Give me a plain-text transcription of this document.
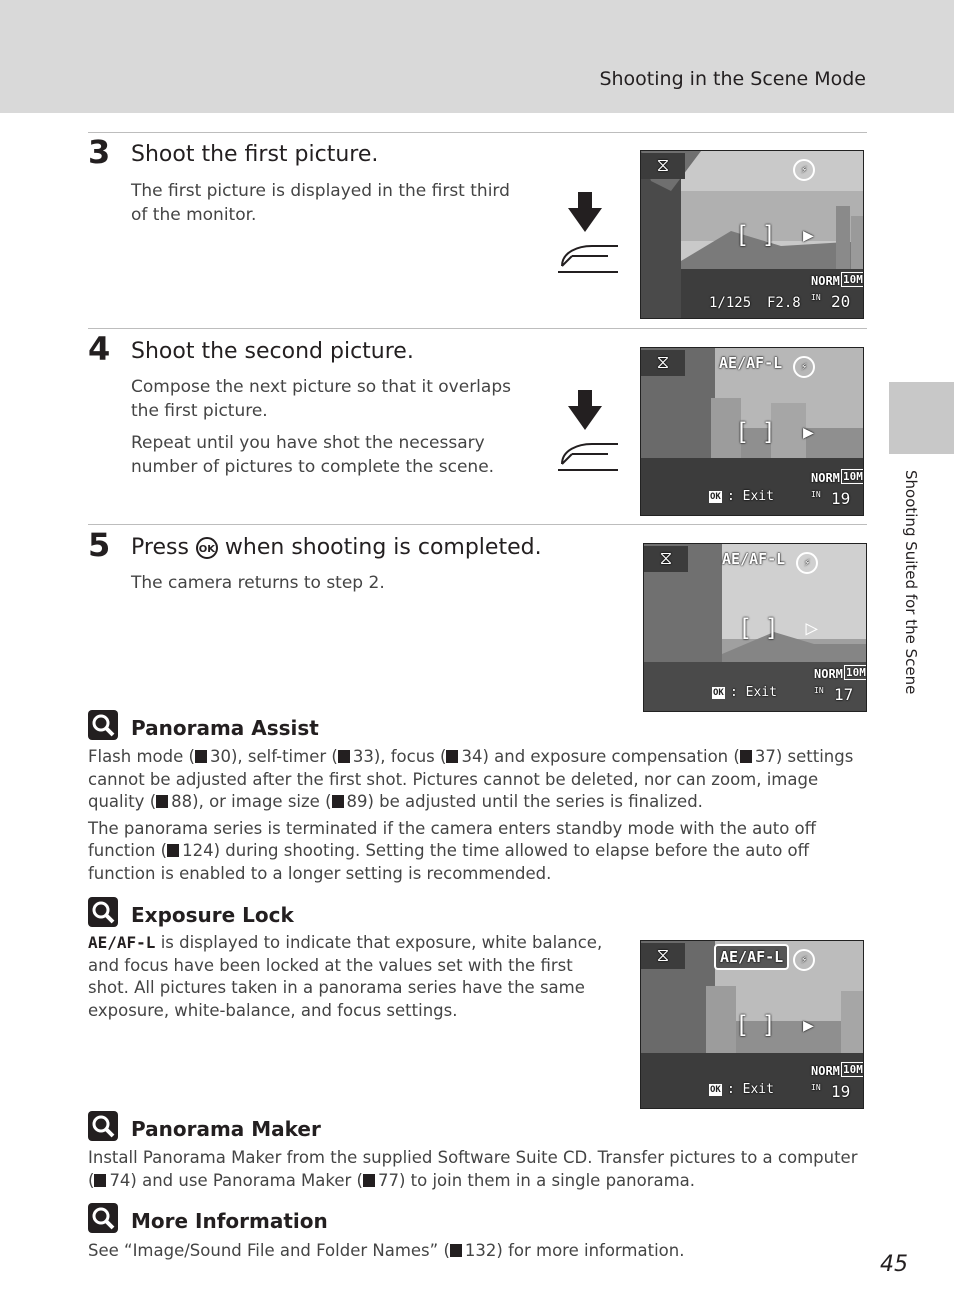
Shooting in the Scene Mode
Shooting Suited for the Scene
3 Shoot the first picture.

The first picture is displayed in the first third of the monitor.

⧖	⚡
[] ▶
NORM 10M
1/125 F2.8 IN 20
4 Shoot the second picture.

Compose the next picture so that it overlaps the first picture.

Repeat until you have shot the necessary number of pictures to complete the scene.

⧖	AE/AF-L	⚡
[] ▶
NORM 10M
OK : Exit	IN 19
5 Press OK when shooting is completed.

The camera returns to step 2.

⧖	AE/AF-L	⚡
[] ▶
NORM 10M
OK : Exit	IN 17
Panorama Assist

Flash mode ( 30), self-timer ( 33), focus ( 34) and exposure compensation ( 37) settings cannot be adjusted after the first shot. Pictures cannot be deleted, nor can zoom, image quality ( 88), or image size ( 89) be adjusted until the series is finalized.

The panorama series is terminated if the camera enters standby mode with the auto off function ( 124) during shooting. Setting the time allowed to elapse before the auto off function is enabled to a longer setting is recommended.

Exposure Lock

AE/AF-L is displayed to indicate that exposure, white balance, and focus have been locked at the values set with the first shot. All pictures taken in a panorama series have the same exposure, white-balance, and focus settings.

⧖	AE/AF-L	⚡
[] ▶
NORM 10M
OK : Exit	IN 19
Panorama Maker

Install Panorama Maker from the supplied Software Suite CD. Transfer pictures to a computer ( 74) and use Panorama Maker ( 77) to join them in a single panorama.

More Information

See “Image/Sound File and Folder Names” ( 132) for more information.

45
